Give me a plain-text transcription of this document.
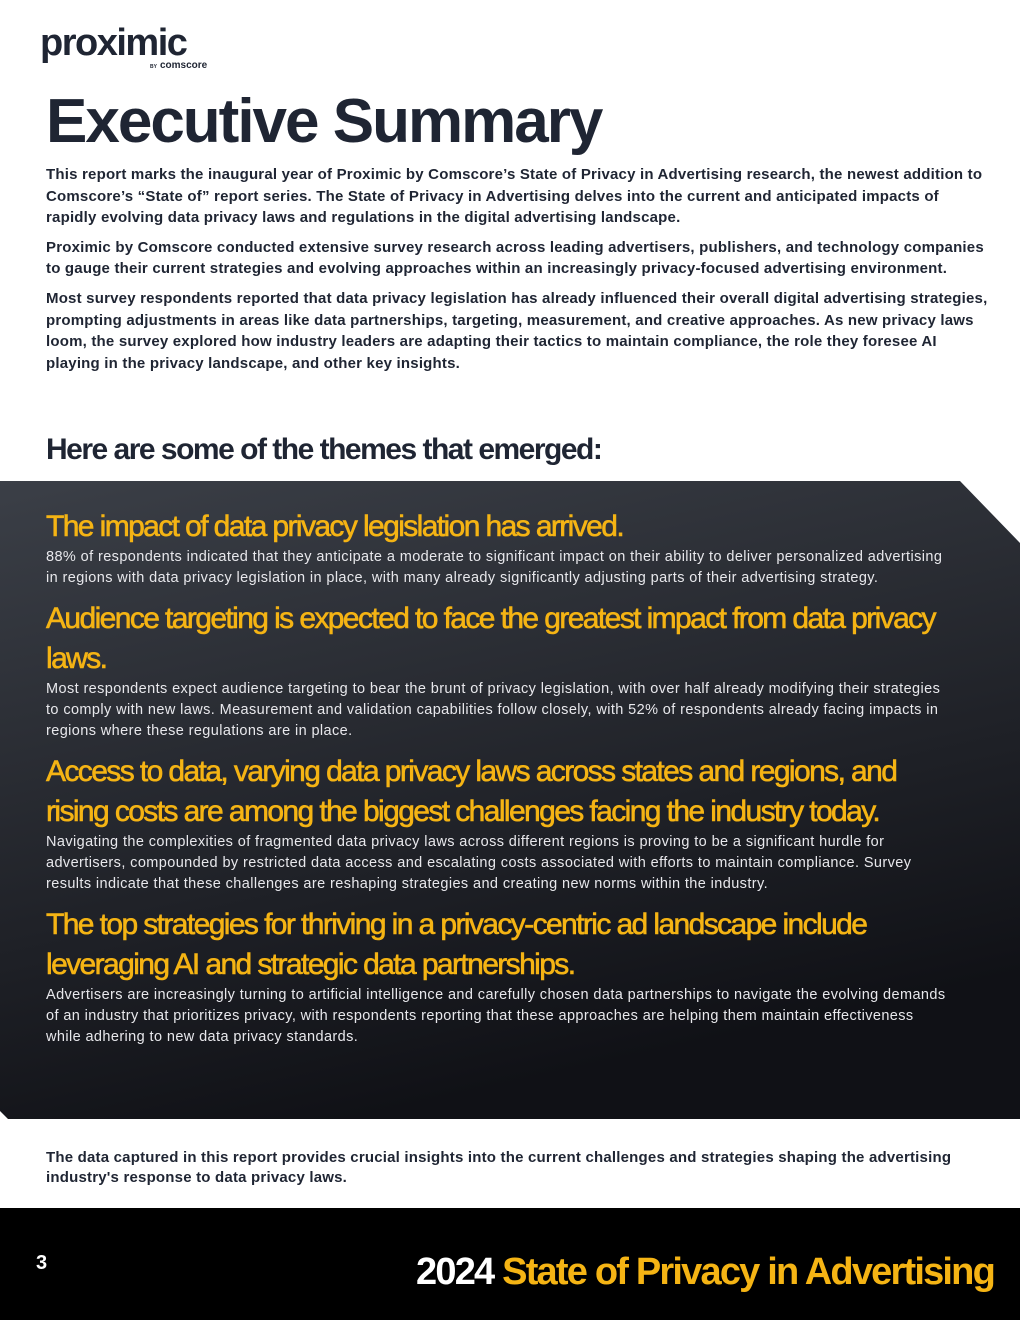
proximic
BY comscore
Executive Summary

This report marks the inaugural year of Proximic by Comscore’s State of Privacy in Advertising research, the newest addition to Comscore’s “State of” report series. The State of Privacy in Advertising delves into the current and anticipated impacts of rapidly evolving data privacy laws and regulations in the digital advertising landscape.

Proximic by Comscore conducted extensive survey research across leading advertisers, publishers, and technology companies to gauge their current strategies and evolving approaches within an increasingly privacy-focused advertising environment.

Most survey respondents reported that data privacy legislation has already influenced their overall digital advertising strategies, prompting adjustments in areas like data partnerships, targeting, measurement, and creative approaches. As new privacy laws loom, the survey explored how industry leaders are adapting their tactics to maintain compliance, the role they foresee AI playing in the privacy landscape, and other key insights.

Here are some of the themes that emerged:
The impact of data privacy legislation has arrived.

88% of respondents indicated that they anticipate a moderate to significant impact on their ability to deliver personalized advertising in regions with data privacy legislation in place, with many already significantly adjusting parts of their advertising strategy.

Audience targeting is expected to face the greatest impact from data privacy laws.

Most respondents expect audience targeting to bear the brunt of privacy legislation, with over half already modifying their strategies to comply with new laws. Measurement and validation capabilities follow closely, with 52% of respondents already facing impacts in regions where these regulations are in place.

Access to data, varying data privacy laws across states and regions, and rising costs are among the biggest challenges facing the industry today.

Navigating the complexities of fragmented data privacy laws across different regions is proving to be a significant hurdle for advertisers, compounded by restricted data access and escalating costs associated with efforts to maintain compliance. Survey results indicate that these challenges are reshaping strategies and creating new norms within the industry.

The top strategies for thriving in a privacy-centric ad landscape include leveraging AI and strategic data partnerships.

Advertisers are increasingly turning to artificial intelligence and carefully chosen data partnerships to navigate the evolving demands of an industry that prioritizes privacy, with respondents reporting that these approaches are helping them maintain effectiveness while adhering to new data privacy standards.

The data captured in this report provides crucial insights into the current challenges and strategies shaping the advertising industry's response to data privacy laws.

3	2024 State of Privacy in Advertising
